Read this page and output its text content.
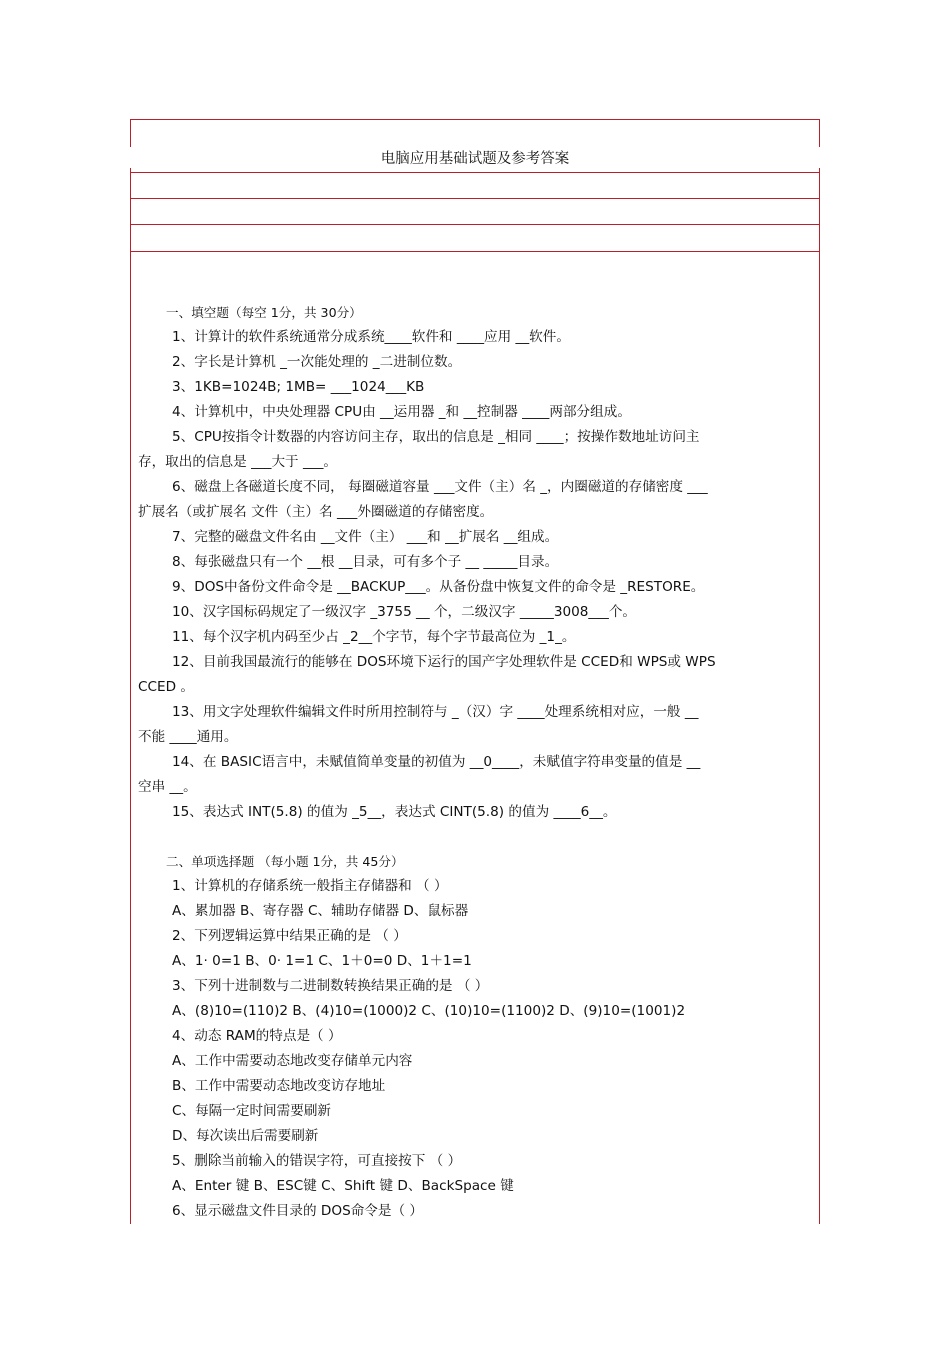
电脑应用基础试题及参考答案
一、填空题（每空 1分，共 30分）
1、计算计的软件系统通常分成系统____软件和 ____应用 __软件。
2、字长是计算机 _一次能处理的 _二进制位数。
3、1KB=1024B; 1MB= ___1024___KB
4、计算机中，中央处理器 CPU由 __运用器 _和 __控制器 ____两部分组成。
5、CPU按指令计数器的内容访问主存，取出的信息是 _相同 ____；按操作数地址访问主
存，取出的信息是 ___大于 ___。
6、磁盘上各磁道长度不同， 每圈磁道容量 ___文件（主）名 _，内圈磁道的存储密度 ___
扩展名（或扩展名 文件（主）名 ___外圈磁道的存储密度。
7、完整的磁盘文件名由 __文件（主） ___和 __扩展名 __组成。
8、每张磁盘只有一个 __根 __目录，可有多个子 __ _____目录。
9、DOS中备份文件命令是 __BACKUP___。从备份盘中恢复文件的命令是 _RESTORE。
10、汉字国标码规定了一级汉字 _3755 __ 个，二级汉字 _____3008___个。
11、每个汉字机内码至少占 _2__个字节，每个字节最高位为 _1_。
12、目前我国最流行的能够在 DOS环境下运行的国产字处理软件是 CCED和 WPS或 WPS
CCED 。
13、用文字处理软件编辑文件时所用控制符与 _（汉）字 ____处理系统相对应，一般 __
不能 ____通用。
14、在 BASIC语言中，未赋值简单变量的初值为 __0____，未赋值字符串变量的值是 __
空串 __。
15、表达式 INT(5.8) 的值为 _5__，表达式 CINT(5.8) 的值为 ____6__。
二、单项选择题 （每小题 1分，共 45分）
1、计算机的存储系统一般指主存储器和 （ ）
A、累加器 B、寄存器 C、辅助存储器 D、鼠标器
2、下列逻辑运算中结果正确的是 （ ）
A、1· 0=1 B、0· 1=1 C、1＋0=0 D、1＋1=1
3、下列十进制数与二进制数转换结果正确的是 （ ）
A、(8)10=(110)2 B、(4)10=(1000)2 C、(10)10=(1100)2 D、(9)10=(1001)2
4、动态 RAM的特点是（ ）
A、工作中需要动态地改变存储单元内容
B、工作中需要动态地改变访存地址
C、每隔一定时间需要刷新
D、每次读出后需要刷新
5、删除当前输入的错误字符，可直接按下 （ ）
A、Enter 键 B、ESC键 C、Shift 键 D、BackSpace 键
6、显示磁盘文件目录的 DOS命令是（ ）
